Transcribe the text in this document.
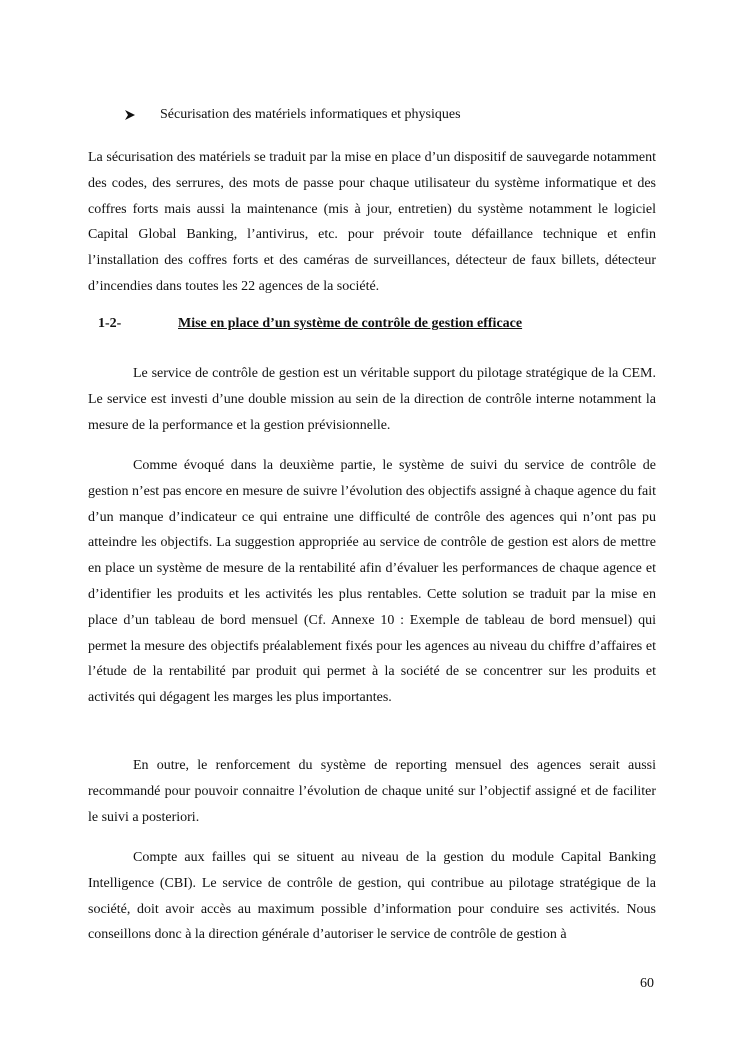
Sécurisation des matériels informatiques et physiques

La sécurisation des matériels se traduit par la mise en place d’un dispositif de sauvegarde notamment des codes, des serrures, des mots de passe pour chaque utilisateur du système informatique et des coffres forts mais aussi la maintenance (mis à jour, entretien) du système notamment le logiciel Capital Global Banking, l’antivirus, etc. pour prévoir toute défaillance technique et enfin l’installation des coffres forts et des caméras de surveillances, détecteur de faux billets, détecteur d’incendies dans toutes les 22 agences de la société.

1-2-	Mise en place d’un système de contrôle de gestion efficace

Le service de contrôle de gestion est un véritable support du pilotage stratégique de la CEM. Le service est investi d’une double mission au sein de la direction de contrôle interne notamment la mesure de la performance et la gestion prévisionnelle.

Comme évoqué dans la deuxième partie, le système de suivi du service de contrôle de gestion n’est pas encore en mesure de suivre l’évolution des objectifs assigné à chaque agence du fait d’un manque d’indicateur ce qui entraine une difficulté de contrôle des agences qui n’ont pas pu atteindre les objectifs. La suggestion appropriée au service de contrôle de gestion est alors de mettre en place un système de mesure de la rentabilité afin d’évaluer les performances de chaque agence et d’identifier les produits et les activités les plus rentables. Cette solution se traduit par la mise en place d’un tableau de bord mensuel (Cf. Annexe 10 : Exemple de tableau de bord mensuel) qui permet la mesure des objectifs préalablement fixés pour les agences au niveau du chiffre d’affaires et l’étude de la rentabilité par produit qui permet à la société de se concentrer sur les produits et activités qui dégagent les marges les plus importantes.

En outre, le renforcement du système de reporting mensuel des agences serait aussi recommandé pour pouvoir connaitre l’évolution de chaque unité sur l’objectif assigné et de faciliter le suivi a posteriori.

Compte aux failles qui se situent au niveau de la gestion du module Capital Banking Intelligence (CBI). Le service de contrôle de gestion, qui contribue au pilotage stratégique de la société, doit avoir accès au maximum possible d’information pour conduire ses activités. Nous conseillons donc à la direction générale d’autoriser le service de contrôle de gestion à

60
